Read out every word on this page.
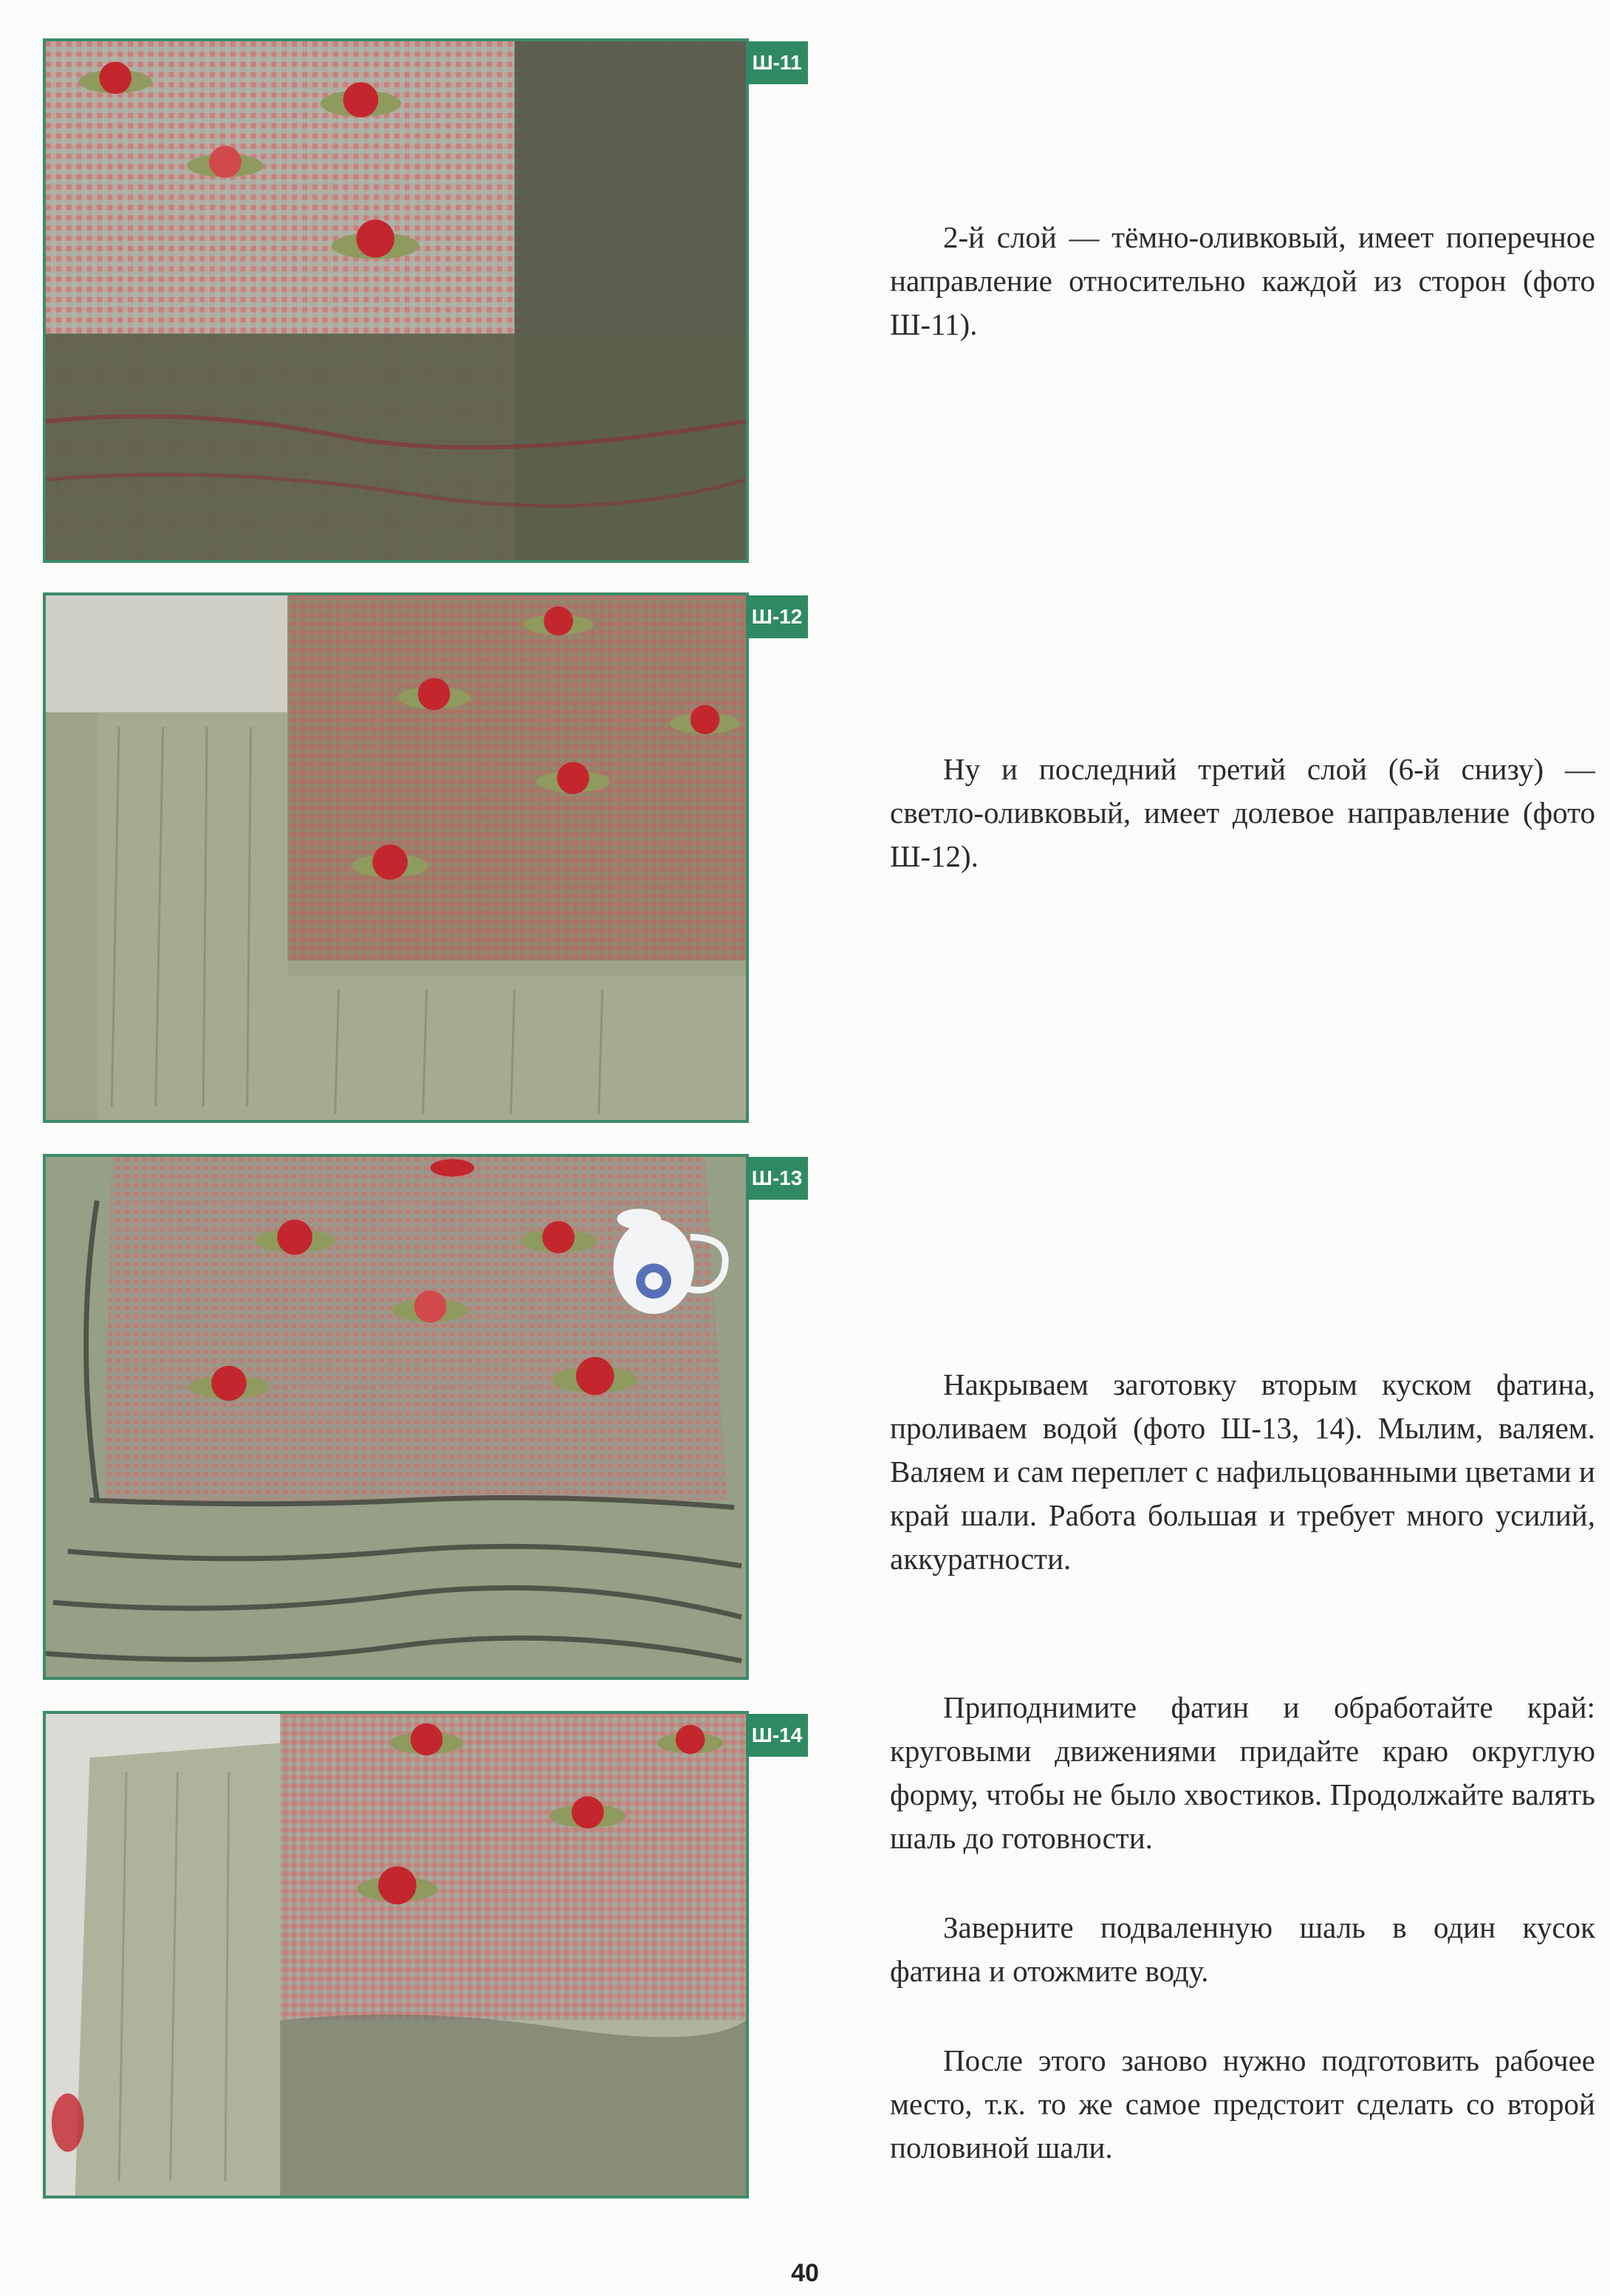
Ш-11
Ш-12
Ш-13
Ш-14

2-й слой — тёмно-оливковый, имеет поперечное направление относительно каждой из сторон (фото Ш-11).

Ну и последний третий слой (6-й снизу) — светло-оливковый, имеет долевое направление (фото Ш-12).

Накрываем заготовку вторым куском фатина, проливаем водой (фото Ш-13, 14). Мылим, валяем. Валяем и сам переплет с нафильцованными цветами и край шали. Работа большая и требует много усилий, аккуратности.

Приподнимите фатин и обработайте край: круговыми движениями придайте краю округлую форму, чтобы не было хвостиков. Продолжайте валять шаль до готовности.

Заверните подваленную шаль в один кусок фатина и отожмите воду.

После этого заново нужно подготовить рабочее место, т.к. то же самое предстоит сделать со второй половиной шали.

40
